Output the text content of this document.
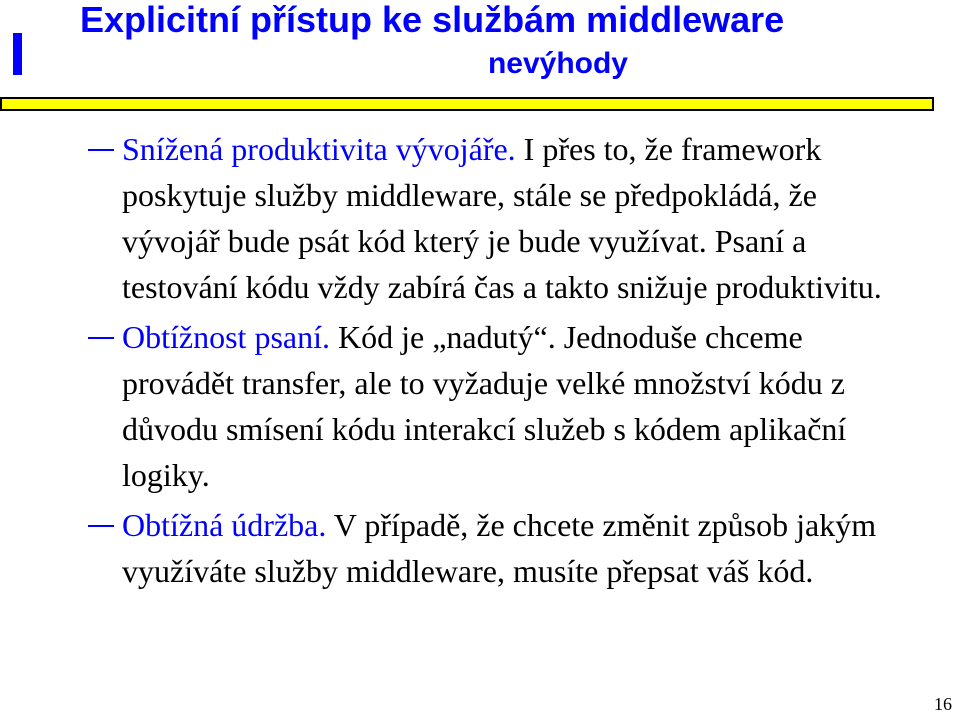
Explicitní přístup ke službám middleware
nevýhody
Snížená produktivita vývojáře. I přes to, že framework poskytuje služby middleware, stále se předpokládá, že vývojář bude psát kód který je bude využívat. Psaní a testování kódu vždy zabírá čas a takto snižuje produktivitu.
Obtížnost psaní. Kód je „nadutý“. Jednoduše chceme provádět transfer, ale to vyžaduje velké množství kódu z důvodu smísení kódu interakcí služeb s kódem aplikační logiky.
Obtížná údržba. V případě, že chcete změnit způsob jakým využíváte služby middleware, musíte přepsat váš kód.
16
